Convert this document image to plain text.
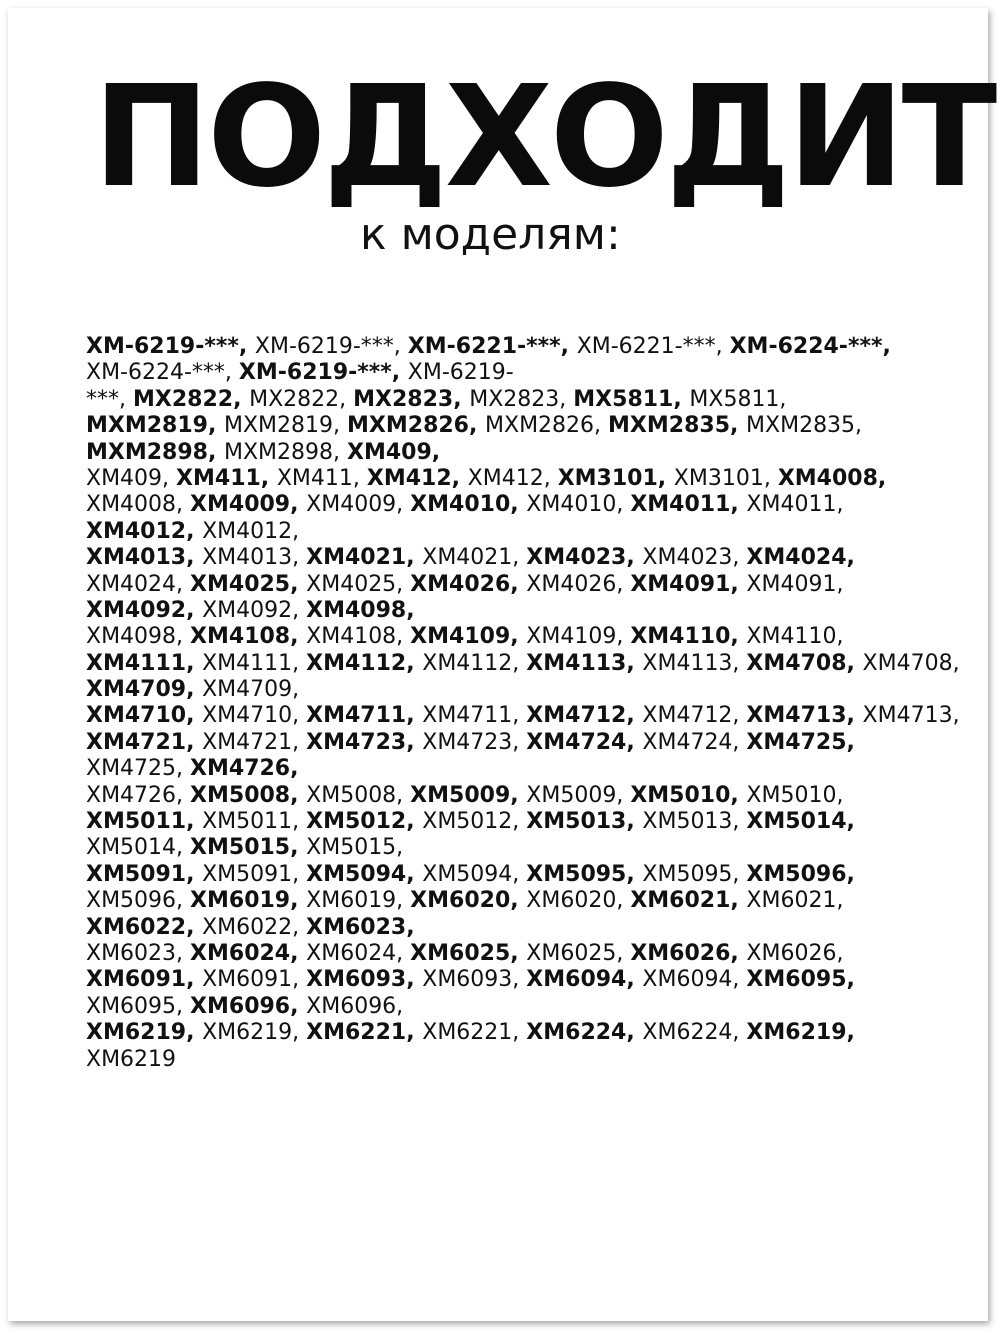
ПОДХОДИТ
к моделям:
XM-6219-***, XM-6219-***, XM-6221-***, XM-6221-***, XM-6224-***,
XM-6224-***, XM-6219-***, XM-6219-
***, MX2822, MX2822, MX2823, MX2823, MX5811, MX5811,
MXM2819, MXM2819, MXM2826, MXM2826, MXM2835, MXM2835,
MXM2898, MXM2898, XM409,
XM409, XM411, XM411, XM412, XM412, XM3101, XM3101, XM4008,
XM4008, XM4009, XM4009, XM4010, XM4010, XM4011, XM4011,
XM4012, XM4012,
XM4013, XM4013, XM4021, XM4021, XM4023, XM4023, XM4024,
XM4024, XM4025, XM4025, XM4026, XM4026, XM4091, XM4091,
XM4092, XM4092, XM4098,
XM4098, XM4108, XM4108, XM4109, XM4109, XM4110, XM4110,
XM4111, XM4111, XM4112, XM4112, XM4113, XM4113, XM4708, XM4708,
XM4709, XM4709,
XM4710, XM4710, XM4711, XM4711, XM4712, XM4712, XM4713, XM4713,
XM4721, XM4721, XM4723, XM4723, XM4724, XM4724, XM4725,
XM4725, XM4726,
XM4726, XM5008, XM5008, XM5009, XM5009, XM5010, XM5010,
XM5011, XM5011, XM5012, XM5012, XM5013, XM5013, XM5014,
XM5014, XM5015, XM5015,
XM5091, XM5091, XM5094, XM5094, XM5095, XM5095, XM5096,
XM5096, XM6019, XM6019, XM6020, XM6020, XM6021, XM6021,
XM6022, XM6022, XM6023,
XM6023, XM6024, XM6024, XM6025, XM6025, XM6026, XM6026,
XM6091, XM6091, XM6093, XM6093, XM6094, XM6094, XM6095,
XM6095, XM6096, XM6096,
XM6219, XM6219, XM6221, XM6221, XM6224, XM6224, XM6219,
XM6219
